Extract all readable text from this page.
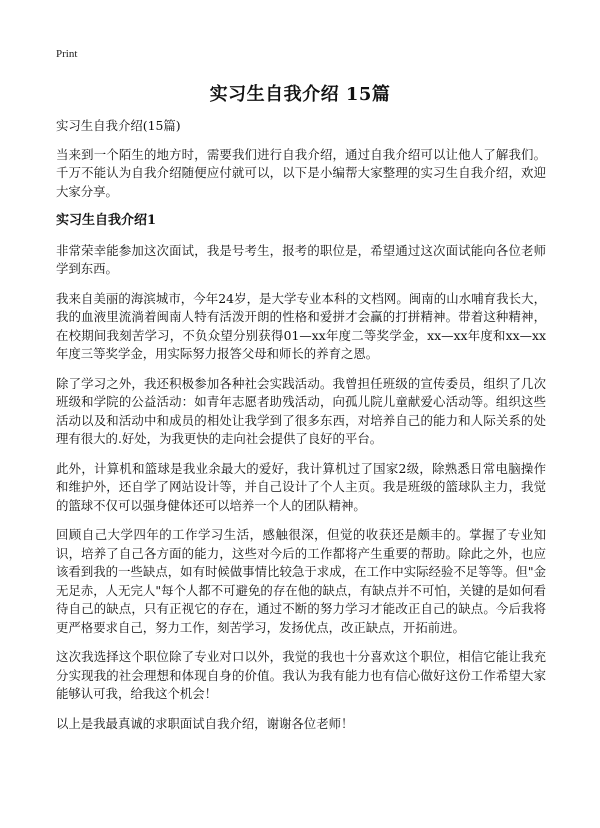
Print
实习生自我介绍 15篇

实习生自我介绍(15篇)

当来到一个陌生的地方时，需要我们进行自我介绍，通过自我介绍可以让他人了解我们。千万不能认为自我介绍随便应付就可以，以下是小编帮大家整理的实习生自我介绍，欢迎大家分享。

实习生自我介绍1

非常荣幸能参加这次面试，我是号考生，报考的职位是，希望通过这次面试能向各位老师学到东西。

我来自美丽的海滨城市，今年24岁，是大学专业本科的文档网。闽南的山水哺育我长大，我的血液里流淌着闽南人特有活泼开朗的性格和爱拼才会赢的打拼精神。带着这种精神，在校期间我刻苦学习，不负众望分别获得01—xx年度二等奖学金，xx—xx年度和xx—xx年度三等奖学金，用实际努力报答父母和师长的养育之恩。

除了学习之外，我还积极参加各种社会实践活动。我曾担任班级的宣传委员，组织了几次班级和学院的公益活动：如青年志愿者助残活动，向孤儿院儿童献爱心活动等。组织这些活动以及和活动中和成员的相处让我学到了很多东西，对培养自己的能力和人际关系的处理有很大的.好处，为我更快的走向社会提供了良好的平台。

此外，计算机和篮球是我业余最大的爱好，我计算机过了国家2级，除熟悉日常电脑操作和维护外，还自学了网站设计等，并自己设计了个人主页。我是班级的篮球队主力，我觉的篮球不仅可以强身健体还可以培养一个人的团队精神。

回顾自己大学四年的工作学习生活，感触很深，但觉的收获还是颇丰的。掌握了专业知识，培养了自己各方面的能力，这些对今后的工作都将产生重要的帮助。除此之外，也应该看到我的一些缺点，如有时候做事情比较急于求成，在工作中实际经验不足等等。但"金无足赤，人无完人"每个人都不可避免的存在他的缺点，有缺点并不可怕，关键的是如何看待自己的缺点，只有正视它的存在，通过不断的努力学习才能改正自己的缺点。今后我将更严格要求自己，努力工作，刻苦学习，发扬优点，改正缺点，开拓前进。

这次我选择这个职位除了专业对口以外，我觉的我也十分喜欢这个职位，相信它能让我充分实现我的社会理想和体现自身的价值。我认为我有能力也有信心做好这份工作希望大家能够认可我，给我这个机会！

以上是我最真诚的求职面试自我介绍，谢谢各位老师！
